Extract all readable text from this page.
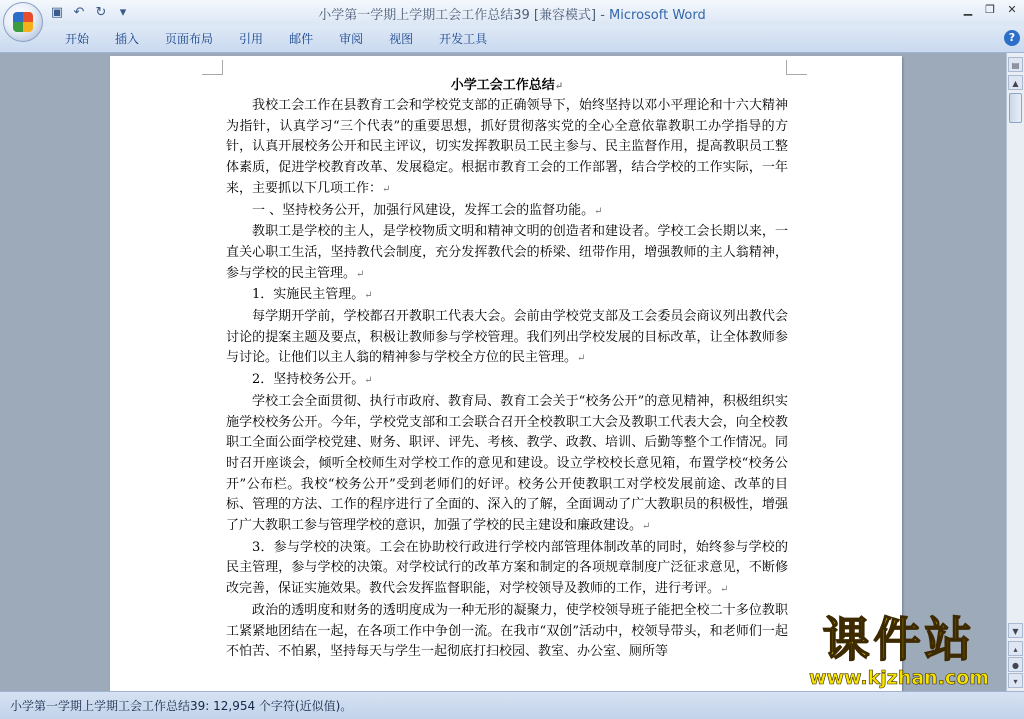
▣ ↶ ↻	▾	小学第一学期上学期工会工作总结39 [兼容模式] - Microsoft Word	▁	❐	✕
开始	插入	页面布局	引用	邮件	审阅	视图	开发工具	?
小学工会工作总结↵

我校工会工作在县教育工会和学校党支部的正确领导下，始终坚持以邓小平理论和十六大精神为指针，认真学习“三个代表”的重要思想，抓好贯彻落实党的全心全意依靠教职工办学指导的方针，认真开展校务公开和民主评议，切实发挥教职员工民主参与、民主监督作用，提高教职员工整体素质，促进学校教育改革、发展稳定。根据市教育工会的工作部署，结合学校的工作实际，一年来，主要抓以下几项工作：↵

一 、坚持校务公开，加强行风建设，发挥工会的监督功能。↵

教职工是学校的主人，是学校物质文明和精神文明的创造者和建设者。学校工会长期以来，一直关心职工生活，坚持教代会制度，充分发挥教代会的桥梁、纽带作用，增强教师的主人翁精神，参与学校的民主管理。↵

1．实施民主管理。↵

每学期开学前，学校都召开教职工代表大会。会前由学校党支部及工会委员会商议列出教代会讨论的提案主题及要点，积极让教师参与学校管理。我们列出学校发展的目标改革，让全体教师参与讨论。让他们以主人翁的精神参与学校全方位的民主管理。↵

2．坚持校务公开。↵

学校工会全面贯彻、执行市政府、教育局、教育工会关于“校务公开”的意见精神，积极组织实施学校校务公开。今年，学校党支部和工会联合召开全校教职工大会及教职工代表大会，向全校教职工全面公面学校党建、财务、职评、评先、考核、教学、政教、培训、后勤等整个工作情况。同时召开座谈会，倾听全校师生对学校工作的意见和建设。设立学校校长意见箱，布置学校“校务公开”公布栏。我校“校务公开”受到老师们的好评。校务公开使教职工对学校发展前途、改革的目标、管理的方法、工作的程序进行了全面的、深入的了解，全面调动了广大教职员的积极性，增强了广大教职工参与管理学校的意识，加强了学校的民主建设和廉政建设。↵

3．参与学校的决策。工会在协助校行政进行学校内部管理体制改革的同时，始终参与学校的民主管理，参与学校的决策。对学校试行的改革方案和制定的各项规章制度广泛征求意见，不断修改完善，保证实施效果。教代会发挥监督职能，对学校领导及教师的工作，进行考评。↵

政治的透明度和财务的透明度成为一种无形的凝聚力，使学校领导班子能把全校二十多位教职工紧紧地团结在一起，在各项工作中争创一流。在我市“双创”活动中，校领导带头，和老师们一起不怕苦、不怕累，坚持每天与学生一起彻底打扫校园、教室、办公室、厕所等

▤
▲
▼
▴
●
▾
小学第一学期上学期工会工作总结39: 12,954 个字符(近似值)。
课件站
www.kjzhan.com
